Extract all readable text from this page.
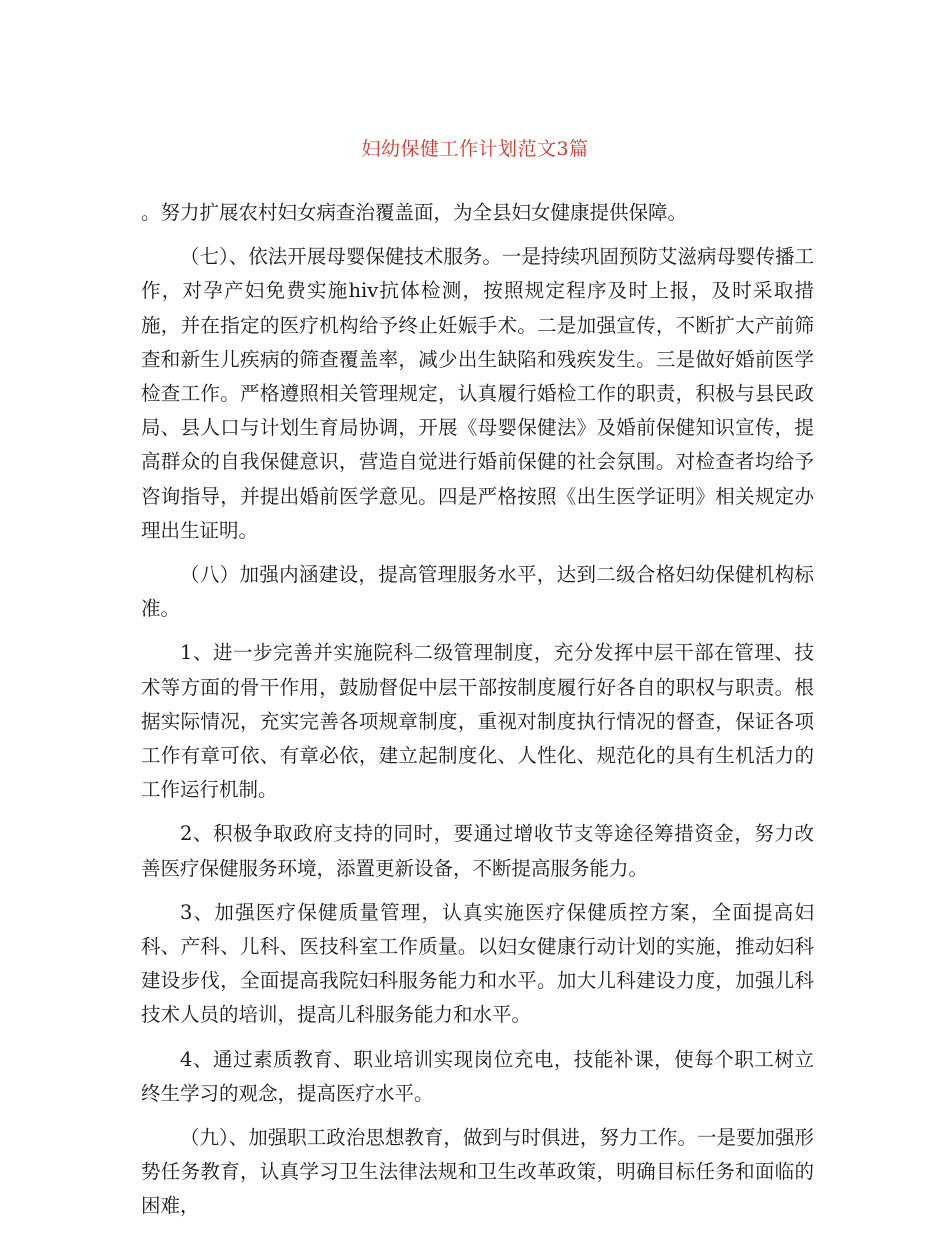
妇幼保健工作计划范文3篇

。努力扩展农村妇女病查治覆盖面，为全县妇女健康提供保障。

（七）、依法开展母婴保健技术服务。一是持续巩固预防艾滋病母婴传播工作，对孕产妇免费实施hiv抗体检测，按照规定程序及时上报，及时采取措施，并在指定的医疗机构给予终止妊娠手术。二是加强宣传，不断扩大产前筛查和新生儿疾病的筛查覆盖率，减少出生缺陷和残疾发生。三是做好婚前医学检查工作。严格遵照相关管理规定，认真履行婚检工作的职责，积极与县民政局、县人口与计划生育局协调，开展《母婴保健法》及婚前保健知识宣传，提高群众的自我保健意识，营造自觉进行婚前保健的社会氛围。对检查者均给予咨询指导，并提出婚前医学意见。四是严格按照《出生医学证明》相关规定办理出生证明。

（八）加强内涵建设，提高管理服务水平，达到二级合格妇幼保健机构标准。

1、进一步完善并实施院科二级管理制度，充分发挥中层干部在管理、技术等方面的骨干作用，鼓励督促中层干部按制度履行好各自的职权与职责。根据实际情况，充实完善各项规章制度，重视对制度执行情况的督查，保证各项工作有章可依、有章必依，建立起制度化、人性化、规范化的具有生机活力的工作运行机制。

2、积极争取政府支持的同时，要通过增收节支等途径筹措资金，努力改善医疗保健服务环境，添置更新设备，不断提高服务能力。

3、加强医疗保健质量管理，认真实施医疗保健质控方案，全面提高妇科、产科、儿科、医技科室工作质量。以妇女健康行动计划的实施，推动妇科建设步伐，全面提高我院妇科服务能力和水平。加大儿科建设力度，加强儿科技术人员的培训，提高儿科服务能力和水平。

4、通过素质教育、职业培训实现岗位充电，技能补课，使每个职工树立终生学习的观念，提高医疗水平。

（九）、加强职工政治思想教育，做到与时俱进，努力工作。一是要加强形势任务教育，认真学习卫生法律法规和卫生改革政策，明确目标任务和面临的困难，
